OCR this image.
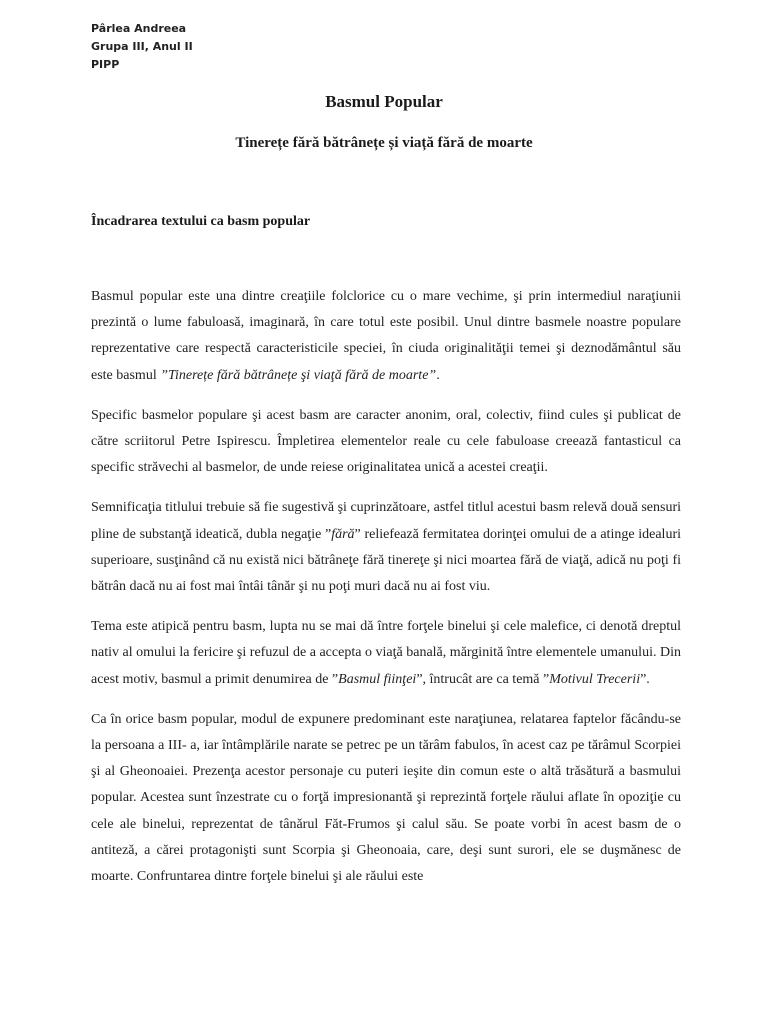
Pârlea Andreea
Grupa III, Anul II
PIPP
Basmul Popular
Tinerețe fără bătrânețe și viață fără de moarte
Încadrarea textului ca basm popular

Basmul popular este una dintre creaţiile folclorice cu o mare vechime, şi prin intermediul naraţiunii prezintă o lume fabuloasă, imaginară, în care totul este posibil. Unul dintre basmele noastre populare reprezentative care respectă caracteristicile speciei, în ciuda originalităţii temei şi deznodământul său este basmul ”Tinerețe fără bătrânețe şi viaţă fără de moarte”.

Specific basmelor populare şi acest basm are caracter anonim, oral, colectiv, fiind cules şi publicat de către scriitorul Petre Ispirescu. Împletirea elementelor reale cu cele fabuloase creează fantasticul ca specific străvechi al basmelor, de unde reiese originalitatea unică a acestei creaţii.

Semnificaţia titlului trebuie să fie sugestivă şi cuprinzătoare, astfel titlul acestui basm relevă două sensuri pline de substanţă ideatică, dubla negaţie ”fără” reliefează fermitatea dorinţei omului de a atinge idealuri superioare, susţinând că nu există nici bătrâneţe fără tinereţe şi nici moartea fără de viaţă, adică nu poţi fi bătrân dacă nu ai fost mai întâi tânăr şi nu poţi muri dacă nu ai fost viu.

Tema este atipică pentru basm, lupta nu se mai dă între forţele binelui şi cele malefice, ci denotă dreptul nativ al omului la fericire şi refuzul de a accepta o viaţă banală, mărginită între elementele umanului. Din acest motiv, basmul a primit denumirea de ”Basmul fiinţei”, întrucât are ca temă ”Motivul Trecerii”.

Ca în orice basm popular, modul de expunere predominant este naraţiunea, relatarea faptelor făcându-se la persoana a III- a, iar întâmplările narate se petrec pe un tărâm fabulos, în acest caz pe tărâmul Scorpiei şi al Gheonoaiei. Prezenţa acestor personaje cu puteri ieşite din comun este o altă trăsătură a basmului popular. Acestea sunt înzestrate cu o forţă impresionantă şi reprezintă forţele răului aflate în opoziţie cu cele ale binelui, reprezentat de tânărul Făt-Frumos şi calul său. Se poate vorbi în acest basm de o antiteză, a cărei protagonişti sunt Scorpia şi Gheonoaia, care, deşi sunt surori, ele se duşmănesc de moarte. Confruntarea dintre forţele binelui şi ale răului este
